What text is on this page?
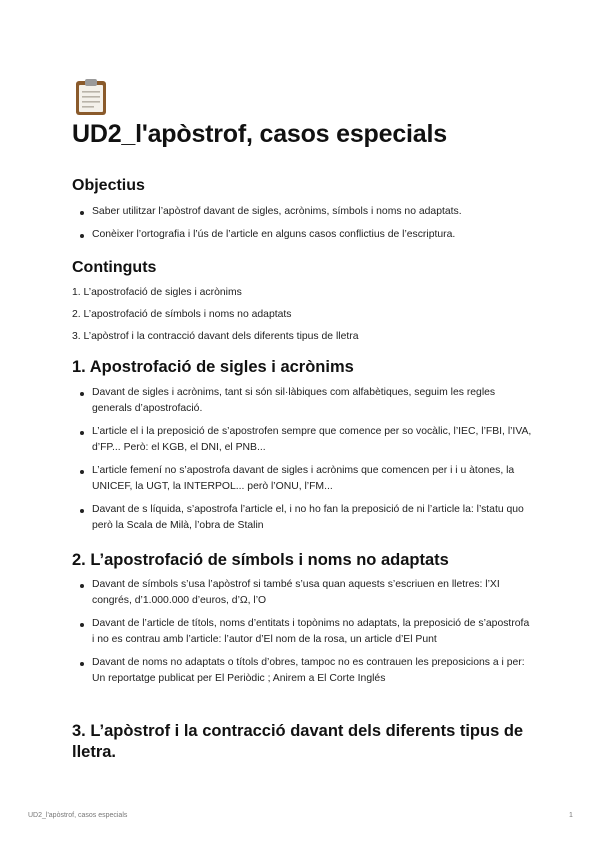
UD2_l'apòstrof, casos especials
Objectius
Saber utilitzar l’apòstrof davant de sigles, acrònims, símbols i noms no adaptats.
Conèixer l’ortografia i l’ús de l’article en alguns casos conflictius de l’escriptura.
Continguts
1. L’apostrofació de sigles i acrònims
2. L’apostrofació de símbols i noms no adaptats
3. L’apòstrof i la contracció davant dels diferents tipus de lletra
1. Apostrofació de sigles i acrònims
Davant de sigles i acrònims, tant si són sil·làbiques com alfabètiques, seguim les regles generals d’apostrofació.
L’article el i la preposició de s’apostrofen sempre que comence per so vocàlic, l’IEC, l’FBI, l’IVA, d’FP... Però: el KGB, el DNI, el PNB...
L’article femení no s’apostrofa davant de sigles i acrònims que comencen per i i u àtones, la UNICEF, la UGT, la INTERPOL... però l’ONU, l’FM...
Davant de s líquida, s’apostrofa l’article el, i no ho fan la preposició de ni l’article la: l’statu quo però la Scala de Milà, l’obra de Stalin
2. L’apostrofació de símbols i noms no adaptats
Davant de símbols s’usa l’apòstrof si també s’usa quan aquests s’escriuen en lletres: l’XI congrés, d’1.000.000 d’euros, d’Ω, l’O
Davant de l’article de títols, noms d’entitats i topònims no adaptats, la preposició de s’apostrofa i no es contrau amb l’article: l’autor d’El nom de la rosa, un article d’El Punt
Davant de noms no adaptats o títols d’obres, tampoc no es contrauen les preposicions a i per: Un reportatge publicat per El Periòdic ; Anirem a El Corte Inglés
3. L’apòstrof i la contracció davant dels diferents tipus de lletra.
UD2_l'apòstrof, casos especials	1
